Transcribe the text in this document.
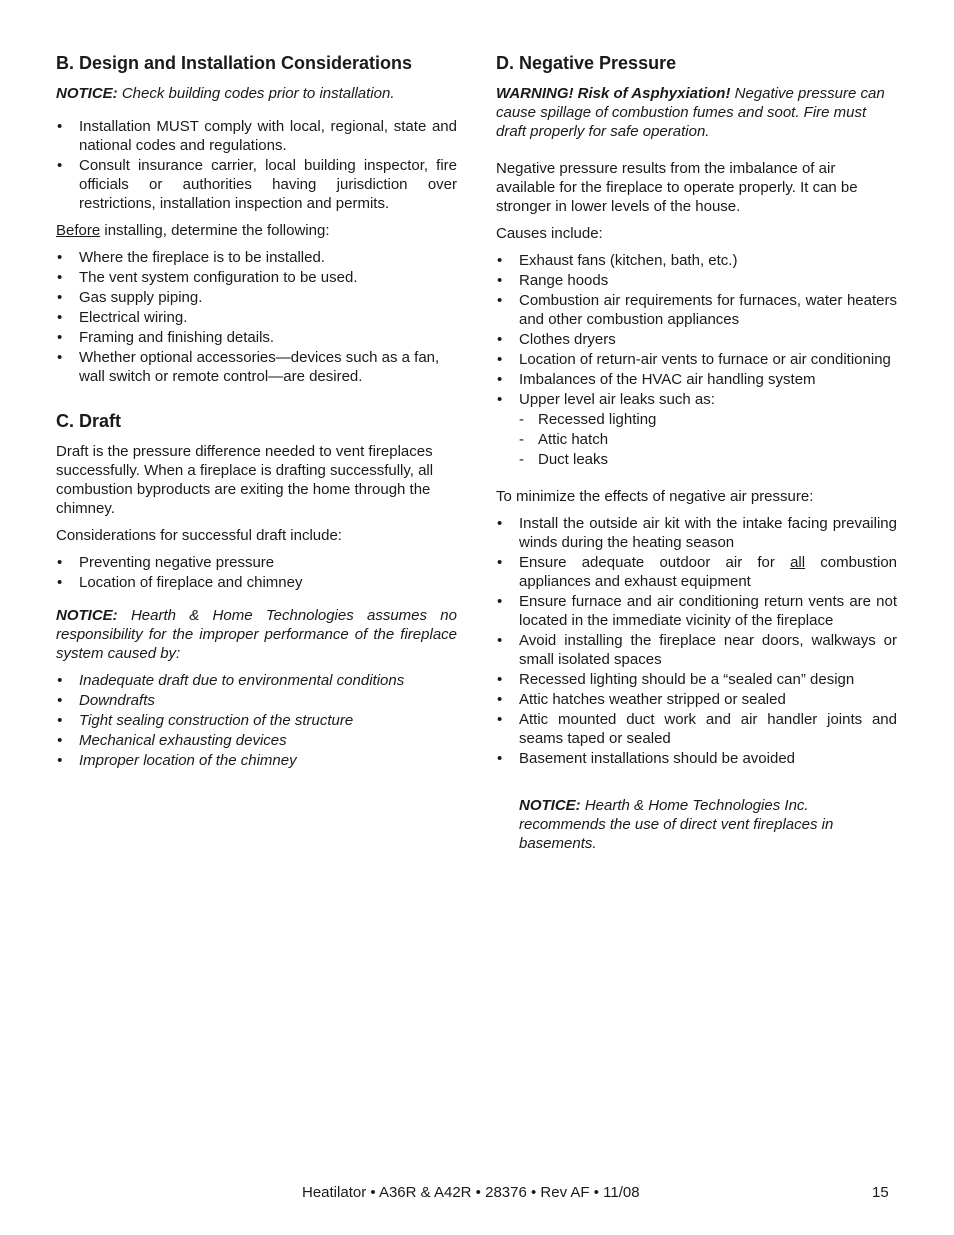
B. Design and Installation Considerations

NOTICE: Check building codes prior to installation.

• Installation MUST comply with local, regional, state and national codes and regulations.
• Consult insurance carrier, local building inspector, fire officials or authorities having jurisdiction over restrictions, installation inspection and permits.

Before installing, determine the following:

• Where the fireplace is to be installed.
• The vent system configuration to be used.
• Gas supply piping.
• Electrical wiring.
• Framing and finishing details.
• Whether optional accessories—devices such as a fan, wall switch or remote control—are desired.
C. Draft

Draft is the pressure difference needed to vent fireplaces successfully. When a fireplace is drafting successfully, all combustion byproducts are exiting the home through the chimney.

Considerations for successful draft include:

• Preventing negative pressure
• Location of fireplace and chimney

NOTICE: Hearth & Home Technologies assumes no responsibility for the improper performance of the fireplace system caused by:

• Inadequate draft due to environmental conditions
• Downdrafts
• Tight sealing construction of the structure
• Mechanical exhausting devices
• Improper location of the chimney
D. Negative Pressure

WARNING! Risk of Asphyxiation! Negative pressure can cause spillage of combustion fumes and soot. Fire must draft properly for safe operation.

Negative pressure results from the imbalance of air available for the fireplace to operate properly. It can be stronger in lower levels of the house.

Causes include:

• Exhaust fans (kitchen, bath, etc.)
• Range hoods
• Combustion air requirements for furnaces, water heaters and other combustion appliances
• Clothes dryers
• Location of return-air vents to furnace or air conditioning
• Imbalances of the HVAC air handling system
• Upper level air leaks such as:
- Recessed lighting
- Attic hatch
- Duct leaks

To minimize the effects of negative air pressure:

• Install the outside air kit with the intake facing prevailing winds during the heating season
• Ensure adequate outdoor air for all combustion appliances and exhaust equipment
• Ensure furnace and air conditioning return vents are not located in the immediate vicinity of the fireplace
• Avoid installing the fireplace near doors, walkways or small isolated spaces
• Recessed lighting should be a “sealed can” design
• Attic hatches weather stripped or sealed
• Attic mounted duct work and air handler joints and seams taped or sealed
• Basement installations should be avoided

NOTICE: Hearth & Home Technologies Inc. recommends the use of direct vent fireplaces in basements.

Heatilator • A36R & A42R • 28376 • Rev AF • 11/08	15
